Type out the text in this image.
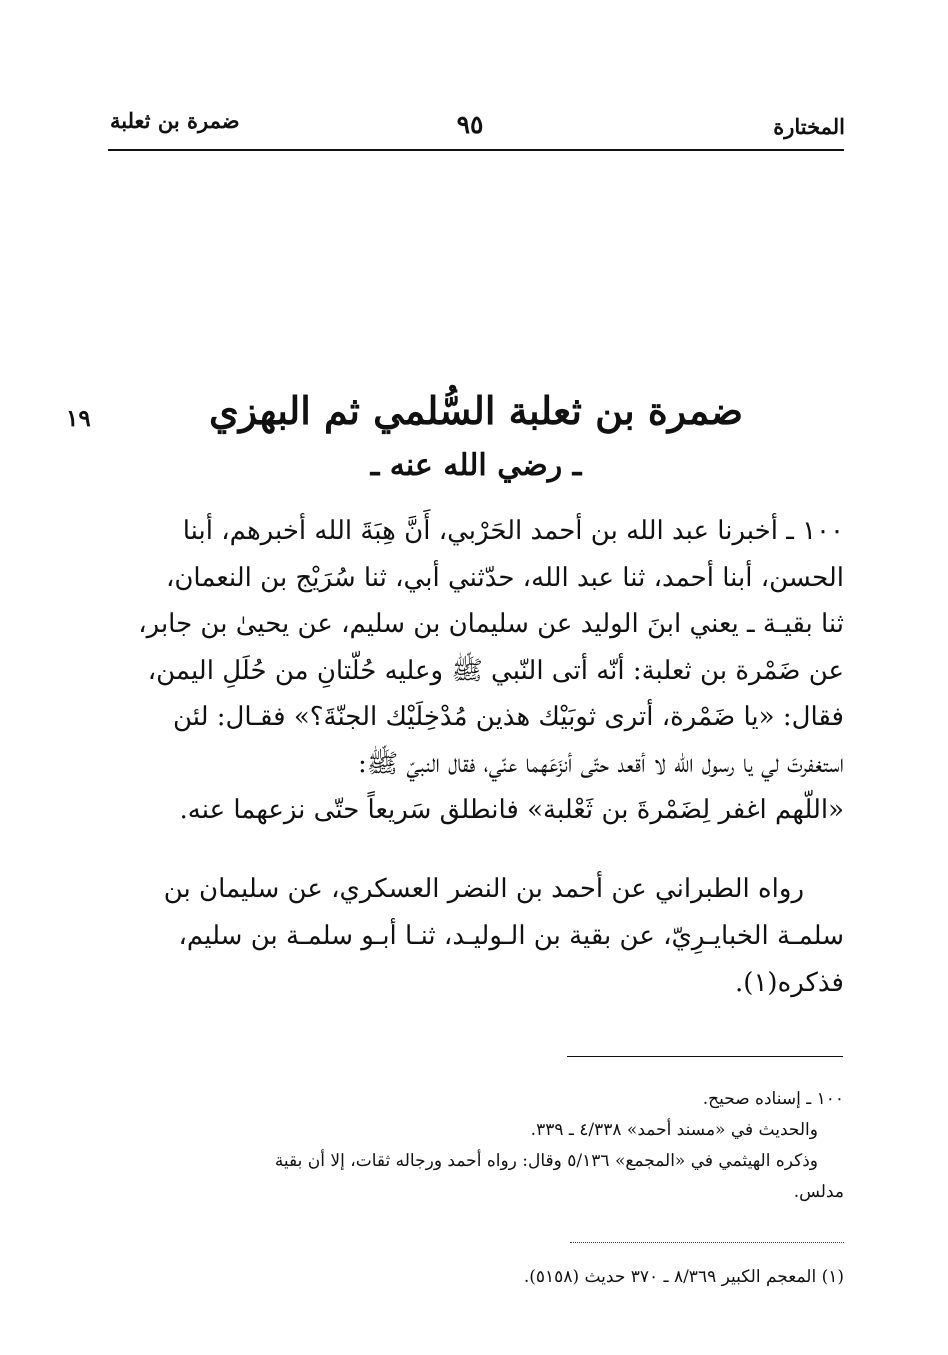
المختارة
٩٥
ضمرة بن ثعلبة
١٩	ضمرة بن ثعلبة السُّلمي ثم البهزي
ـ رضي الله عنه ـ

١٠٠ ـ أخبرنا عبد الله بن أحمد الحَرْبي، أَنَّ هِبَةَ الله أخبرهم، أبنا

الحسن، أبنا أحمد، ثنا عبد الله، حدّثني أبي، ثنا سُرَيْج بن النعمان،

ثنا بقيـة ـ يعني ابنَ الوليد عن سليمان بن سليم، عن يحيىٰ بن جابر،

عن ضَمْرة بن ثعلبة: أنّه أتى النّبي ﷺ وعليه حُلّتانِ من حُلَلِ اليمن،

فقال: «يا ضَمْرة، أترى ثوبَيْك هذين مُدْخِلَيْك الجنّةَ؟» فقـال: لئن

استغفرتَ لي يا رسول الله لا أقعد حتّى أنزَعَهما عنّي، فقال النبيّ ﷺ:

«اللّهم اغفر لِضَمْرةَ بن ثَعْلبة» فانطلق سَريعاً حتّى نزعهما عنه.

رواه الطبراني عن أحمد بن النضر العسكري، عن سليمان بن

سلمـة الخبايـرِيّ، عن بقية بن الـوليـد، ثنـا أبـو سلمـة بن سليم،

فذكره(١).

١٠٠ ـ إسناده صحيح.
والحديث في «مسند أحمد» ٤/٣٣٨ ـ ٣٣٩.
وذكره الهيثمي في «المجمع» ٥/١٣٦ وقال: رواه أحمد ورجاله ثقات، إلا أن بقية
مدلس.
(١) المعجم الكبير ٨/٣٦٩ ـ ٣٧٠ حديث (٥١٥٨).
